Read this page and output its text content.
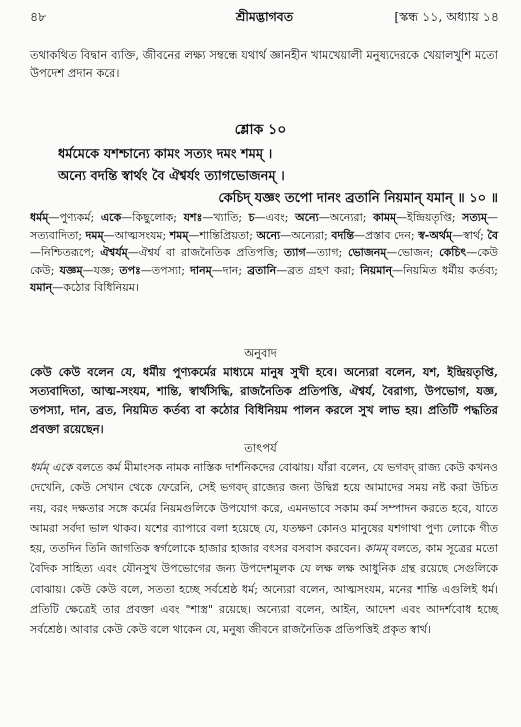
৪৮	শ্রীমদ্ভাগবত	[স্কন্ধ ১১, অধ্যায় ১৪

তথাকথিত বিদ্বান ব্যক্তি, জীবনের লক্ষ্য সম্বন্ধে যথার্থ জ্ঞানহীন খামখেয়ালী মনুষ্যদেরকে খেয়ালখুশি মতো উপদেশ প্রদান করে।

শ্লোক ১০
ধর্মমেকে যশশ্চান্যে কামং সত্যং দমং শমম্ ।
অন্যে বদন্তি স্বার্থং বৈ ঐশ্বর্যং ত্যাগভোজনম্ ।
কেচিদ্ যজ্ঞং তপো দানং ব্রতানি নিয়মান্ যমান্ ॥ ১০ ॥

ধর্মম্—পুণ্যকর্ম; একে—কিছুলোক; যশঃ—খ্যাতি; চ—এবং; অন্যে—অন্যেরা; কামম্—ইন্দ্রিয়তৃপ্তি; সত্যম্—সত্যবাদিতা; দমম্—আত্মসংযম; শমম্—শান্তিপ্রিয়তা; অন্যে—অন্যেরা; বদন্তি—প্রস্তাব দেন; স্ব-অর্থম্—স্বার্থ; বৈ—নিশ্চিতরূপে; ঐশ্বর্যম্—ঐশ্বর্য বা রাজনৈতিক প্রতিপত্তি; ত্যাগ—ত্যাগ; ভোজনম্—ভোজন; কেচিৎ—কেউ কেউ; যজ্ঞম্—যজ্ঞ; তপঃ—তপস্যা; দানম্—দান; ব্রতানি—ব্রত গ্রহণ করা; নিয়মান্—নিয়মিত ধর্মীয় কর্তব্য; যমান্—কঠোর বিধিনিয়ম।

অনুবাদ

কেউ কেউ বলেন যে, ধর্মীয় পুণ্যকর্মের মাধ্যমে মানুষ সুখী হবে। অন্যেরা বলেন, যশ, ইন্দ্রিয়তৃপ্তি, সত্যবাদিতা, আত্ম-সংযম, শান্তি, স্বার্থসিদ্ধি, রাজনৈতিক প্রতিপত্তি, ঐশ্বর্য, বৈরাগ্য, উপভোগ, যজ্ঞ, তপস্যা, দান, ব্রত, নিয়মিত কর্তব্য বা কঠোর বিধিনিয়ম পালন করলে সুখ লাভ হয়। প্রতিটি পদ্ধতির প্রবক্তা রয়েছেন।

তাৎপর্য

ধর্মম্ একে বলতে কর্ম মীমাংসক নামক নাস্তিক দার্শনিকদের বোঝায়। যাঁরা বলেন, যে ভগবদ্ রাজ্য কেউ কখনও দেখেনি, কেউ সেখান থেকে ফেরেনি, সেই ভগবদ্ রাজ্যের জন্য উদ্বিগ্ন হয়ে আমাদের সময় নষ্ট করা উচিত নয়, বরং দক্ষতার সঙ্গে কর্মের নিয়মগুলিকে উপযোগ করে, এমনভাবে সকাম কর্ম সম্পাদন করতে হবে, যাতে আমরা সর্বদা ভাল থাকব। যশের ব্যাপারে বলা হয়েছে যে, যতক্ষণ কোনও মানুষের যশগাথা পুণ্য লোকে গীত হয়, ততদিন তিনি জাগতিক স্বর্গলোকে হাজার হাজার বৎসর বসবাস করবেন। কামম্ বলতে, কাম সূত্রের মতো বৈদিক সাহিত্য এবং যৌনসুখ উপভোগের জন্য উপদেশমূলক যে লক্ষ লক্ষ আধুনিক গ্রন্থ রয়েছে সেগুলিকে বোঝায়। কেউ কেউ বলে, সততা হচ্ছে সর্বশ্রেষ্ঠ ধর্ম; অন্যেরা বলেন, আত্মসংযম, মনের শান্তি এগুলিই ধর্ম। প্রতিটি ক্ষেত্রেই তার প্রবক্তা এবং "শাস্ত্র" রয়েছে। অন্যেরা বলেন, আইন, আদেশ এবং আদর্শবোধ হচ্ছে সর্বশ্রেষ্ঠ। আবার কেউ কেউ বলে থাকেন যে, মনুষ্য জীবনে রাজনৈতিক প্রতিপত্তিই প্রকৃত স্বার্থ।
